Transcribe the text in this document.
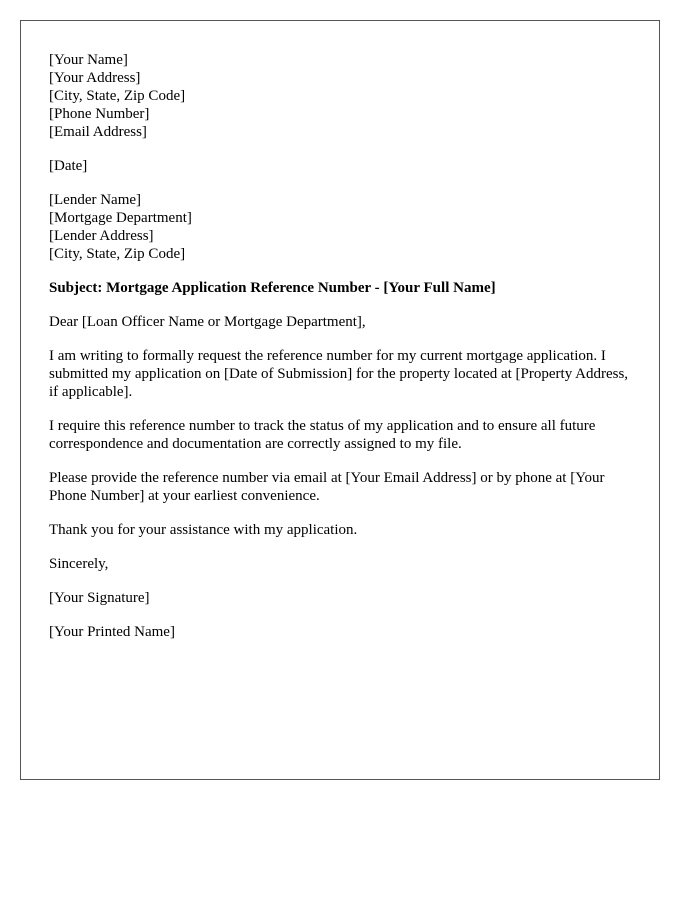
[Your Name]
[Your Address]
[City, State, Zip Code]
[Phone Number]
[Email Address]
[Date]
[Lender Name]
[Mortgage Department]
[Lender Address]
[City, State, Zip Code]
Subject: Mortgage Application Reference Number - [Your Full Name]

Dear [Loan Officer Name or Mortgage Department],

I am writing to formally request the reference number for my current mortgage application. I submitted my application on [Date of Submission] for the property located at [Property Address, if applicable].

I require this reference number to track the status of my application and to ensure all future correspondence and documentation are correctly assigned to my file.

Please provide the reference number via email at [Your Email Address] or by phone at [Your Phone Number] at your earliest convenience.

Thank you for your assistance with my application.

Sincerely,

[Your Signature]

[Your Printed Name]
